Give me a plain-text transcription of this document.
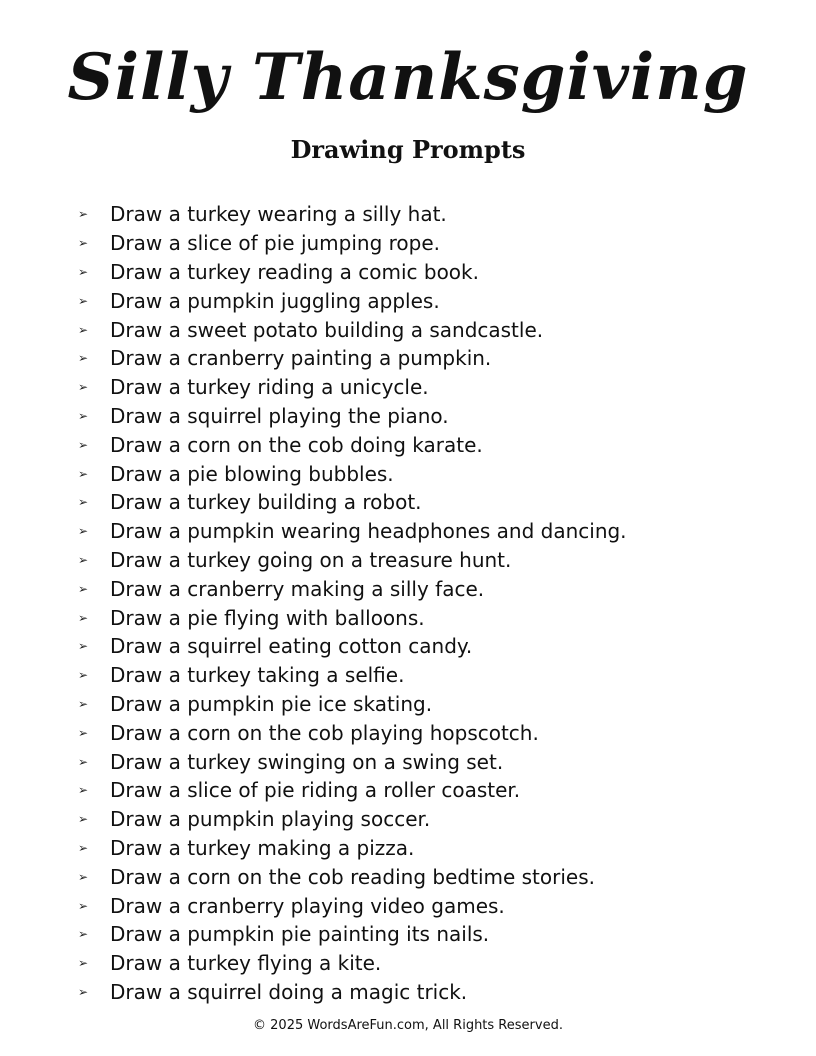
Silly Thanksgiving
Drawing Prompts
➢	Draw a turkey wearing a silly hat.
➢	Draw a slice of pie jumping rope.
➢	Draw a turkey reading a comic book.
➢	Draw a pumpkin juggling apples.
➢	Draw a sweet potato building a sandcastle.
➢	Draw a cranberry painting a pumpkin.
➢	Draw a turkey riding a unicycle.
➢	Draw a squirrel playing the piano.
➢	Draw a corn on the cob doing karate.
➢	Draw a pie blowing bubbles.
➢	Draw a turkey building a robot.
➢	Draw a pumpkin wearing headphones and dancing.
➢	Draw a turkey going on a treasure hunt.
➢	Draw a cranberry making a silly face.
➢	Draw a pie flying with balloons.
➢	Draw a squirrel eating cotton candy.
➢	Draw a turkey taking a selfie.
➢	Draw a pumpkin pie ice skating.
➢	Draw a corn on the cob playing hopscotch.
➢	Draw a turkey swinging on a swing set.
➢	Draw a slice of pie riding a roller coaster.
➢	Draw a pumpkin playing soccer.
➢	Draw a turkey making a pizza.
➢	Draw a corn on the cob reading bedtime stories.
➢	Draw a cranberry playing video games.
➢	Draw a pumpkin pie painting its nails.
➢	Draw a turkey flying a kite.
➢	Draw a squirrel doing a magic trick.
© 2025 WordsAreFun.com, All Rights Reserved.
